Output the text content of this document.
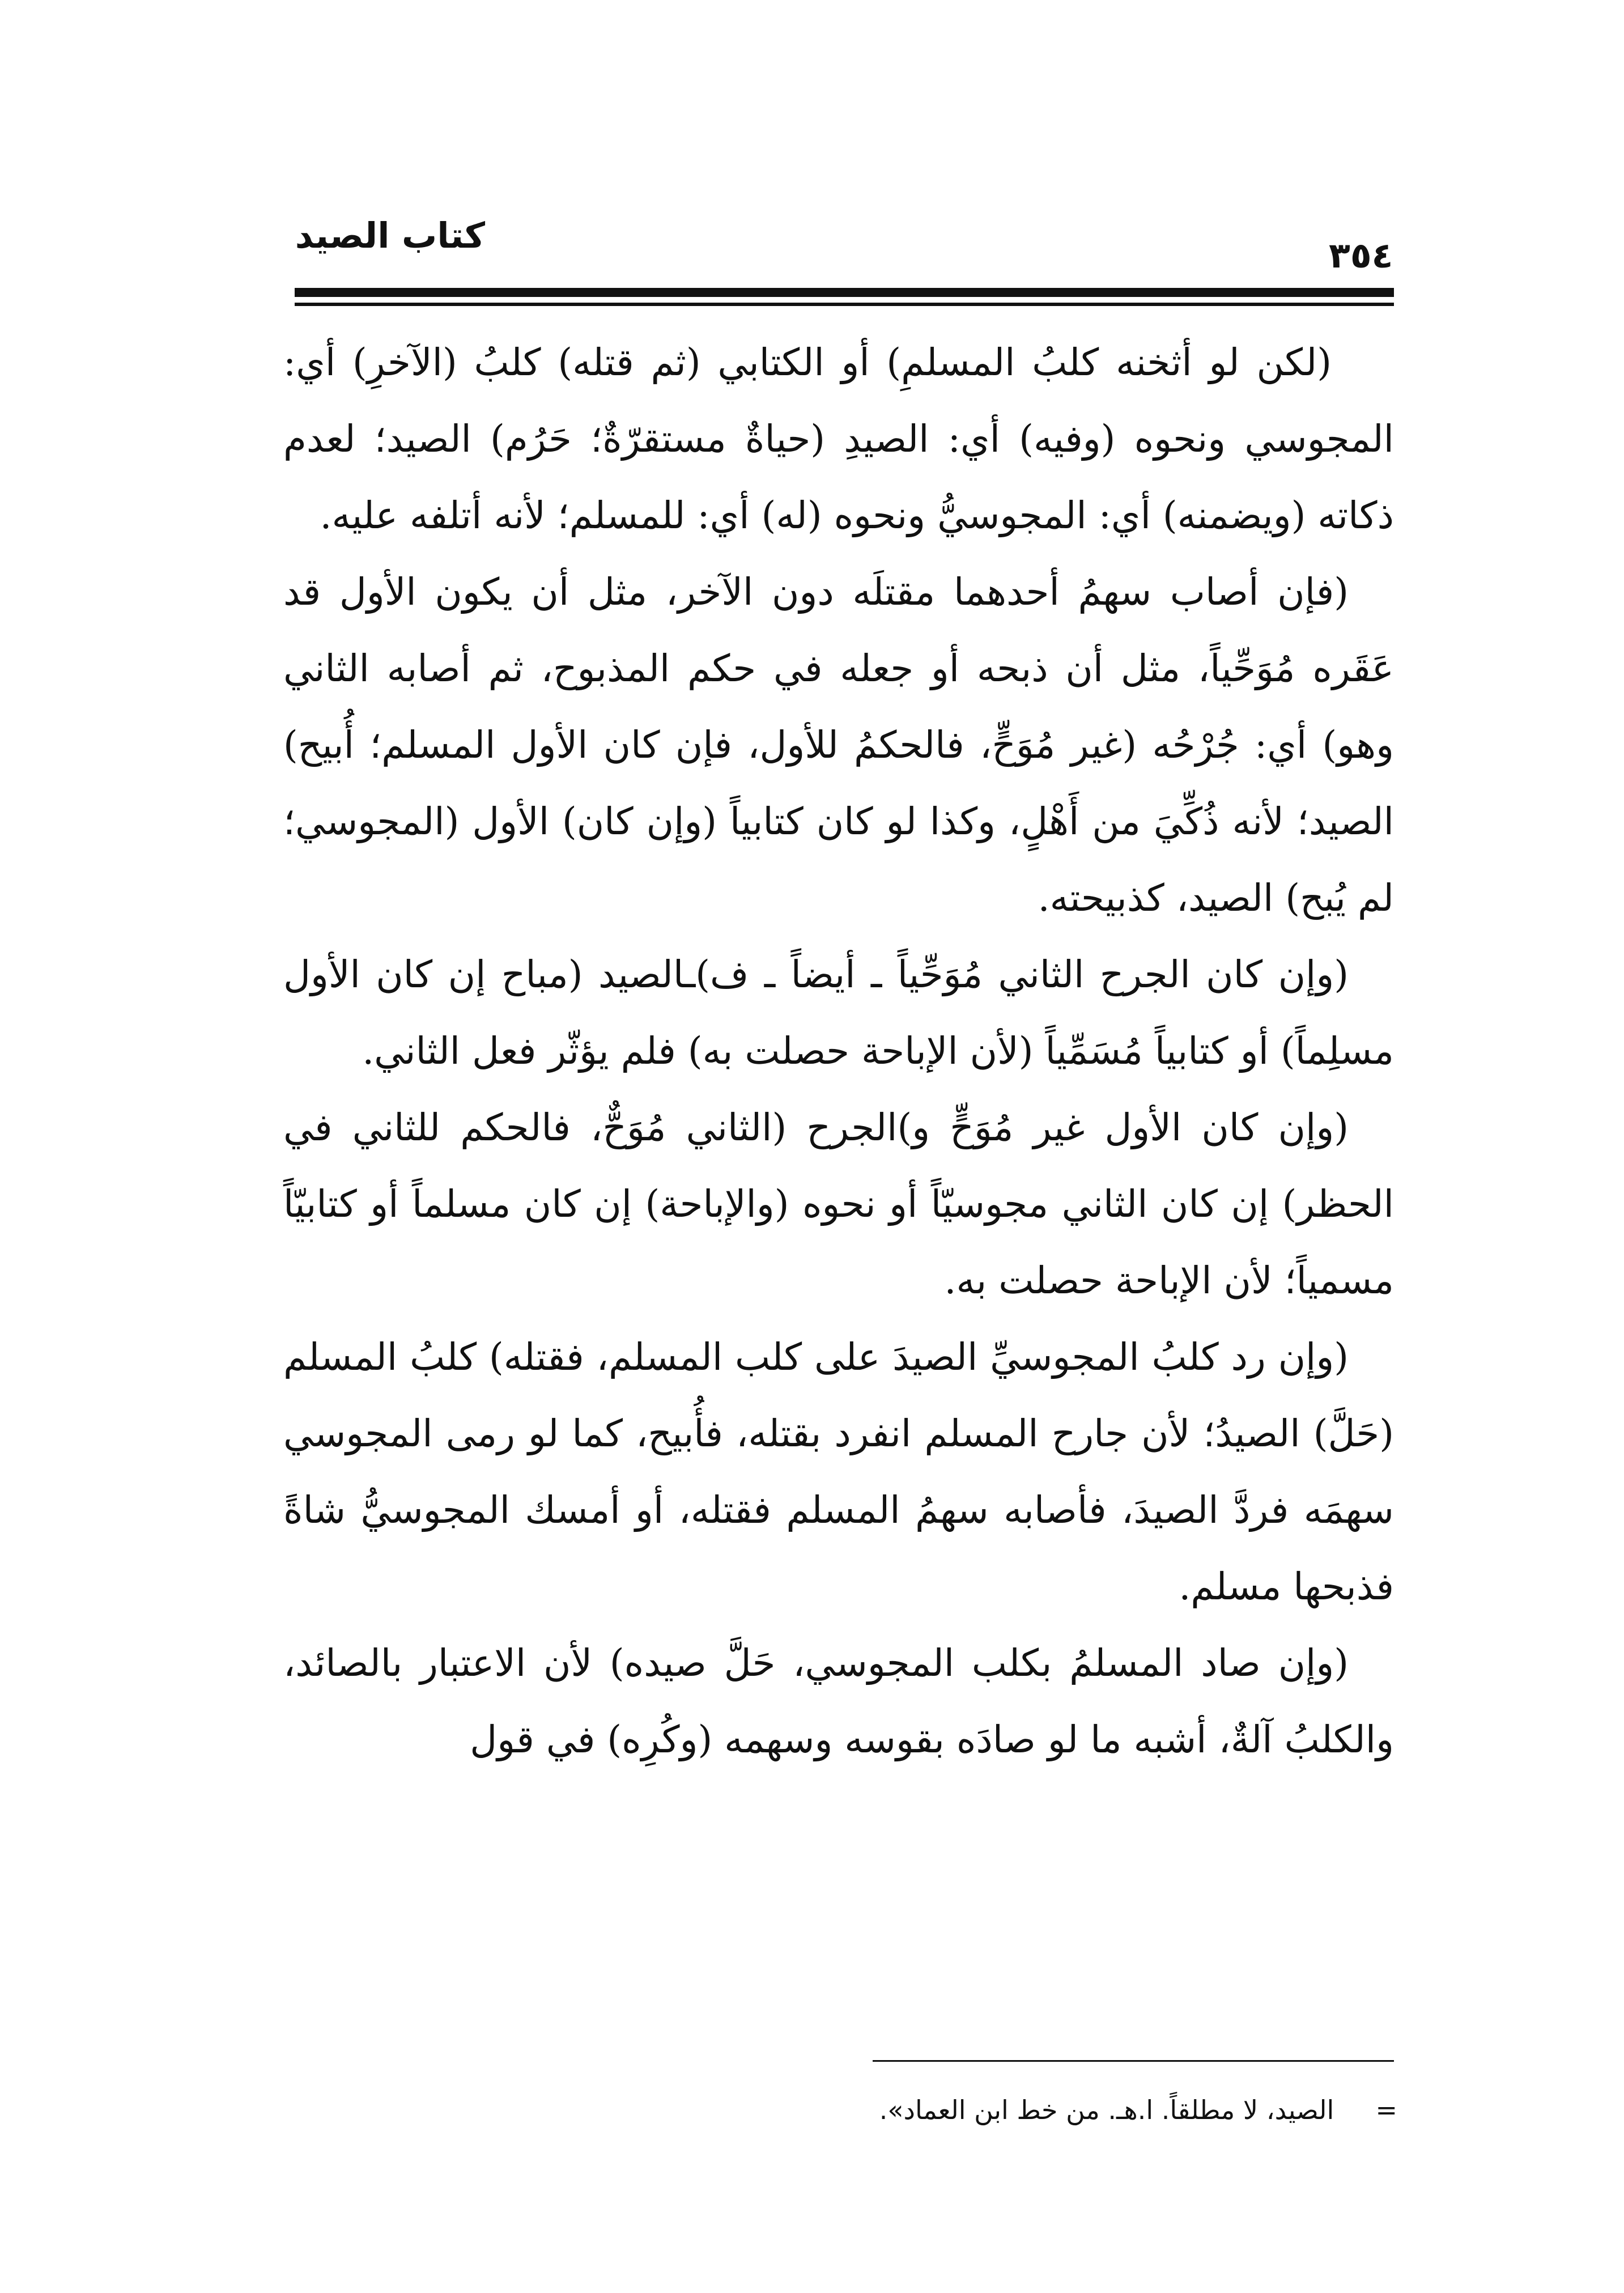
كتاب الصيد	٣٥٤

(لكن لو أثخنه كلبُ المسلمِ) أو الكتابي (ثم قتله) كلبُ (الآخرِ) أي: المجوسي ونحوه (وفيه) أي: الصيدِ (حياةٌ مستقرّةٌ؛ حَرُم) الصيد؛ لعدم ذكاته (ويضمنه) أي: المجوسيُّ ونحوه (له) أي: للمسلم؛ لأنه أتلفه عليه.

(فإن أصاب سهمُ أحدهما مقتلَه دون الآخر، مثل أن يكون الأول قد عَقَره مُوَحِّياً، مثل أن ذبحه أو جعله في حكم المذبوح، ثم أصابه الثاني وهو) أي: جُرْحُه (غير مُوَحٍّ، فالحكمُ للأول، فإن كان الأول المسلم؛ أُبيح) الصيد؛ لأنه ذُكِّيَ من أَهْلٍ، وكذا لو كان كتابياً (وإن كان) الأول (المجوسي؛ لم يُبح) الصيد، كذبيحته.

(وإن كان الجرح الثاني مُوَحِّياً ـ أيضاً ـ ف)ـالصيد (مباح إن كان الأول مسلِماً) أو كتابياً مُسَمِّياً (لأن الإباحة حصلت به) فلم يؤثّر فعل الثاني.

(وإن كان الأول غير مُوَحٍّ و)الجرح (الثاني مُوَحٌّ، فالحكم للثاني في الحظر) إن كان الثاني مجوسيّاً أو نحوه (والإباحة) إن كان مسلماً أو كتابيّاً مسمياً؛ لأن الإباحة حصلت به.

(وإن رد كلبُ المجوسيِّ الصيدَ على كلب المسلم، فقتله) كلبُ المسلم (حَلَّ) الصيدُ؛ لأن جارح المسلم انفرد بقتله، فأُبيح، كما لو رمى المجوسي سهمَه فردَّ الصيدَ، فأصابه سهمُ المسلم فقتله، أو أمسك المجوسيُّ شاةً فذبحها مسلم.

(وإن صاد المسلمُ بكلب المجوسي، حَلَّ صيده) لأن الاعتبار بالصائد، والكلبُ آلةٌ، أشبه ما لو صادَه بقوسه وسهمه (وكُرِه) في قول

=     الصيد، لا مطلقاً. ا.هـ. من خط ابن العماد».
